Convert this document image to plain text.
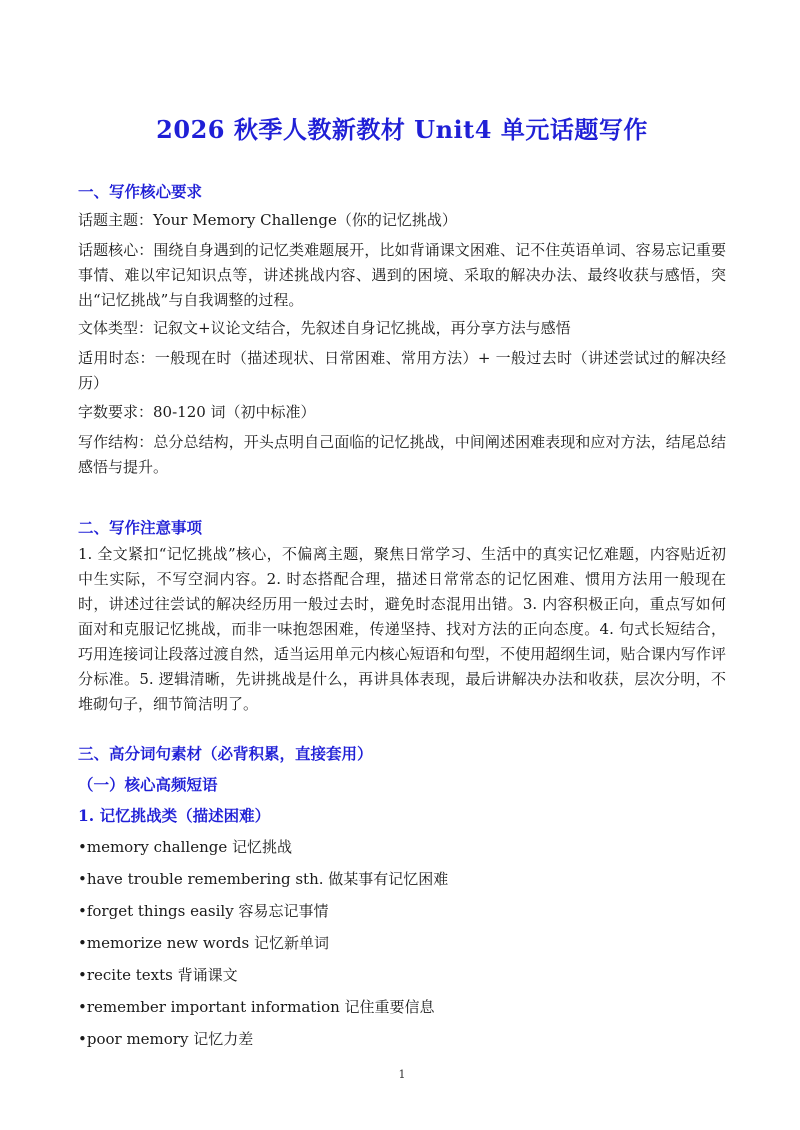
2026 秋季人教新教材 Unit4 单元话题写作
一、写作核心要求
话题主题：Your Memory Challenge（你的记忆挑战）
话题核心：围绕自身遇到的记忆类难题展开，比如背诵课文困难、记不住英语单词、容易忘记重要事情、难以牢记知识点等，讲述挑战内容、遇到的困境、采取的解决办法、最终收获与感悟，突出“记忆挑战”与自我调整的过程。
文体类型：记叙文+议论文结合，先叙述自身记忆挑战，再分享方法与感悟
适用时态：一般现在时（描述现状、日常困难、常用方法）+ 一般过去时（讲述尝试过的解决经历）
字数要求：80-120 词（初中标准）
写作结构：总分总结构，开头点明自己面临的记忆挑战，中间阐述困难表现和应对方法，结尾总结感悟与提升。
二、写作注意事项
1. 全文紧扣“记忆挑战”核心，不偏离主题，聚焦日常学习、生活中的真实记忆难题，内容贴近初中生实际，不写空洞内容。2. 时态搭配合理，描述日常常态的记忆困难、惯用方法用一般现在时，讲述过往尝试的解决经历用一般过去时，避免时态混用出错。3. 内容积极正向，重点写如何面对和克服记忆挑战，而非一味抱怨困难，传递坚持、找对方法的正向态度。4. 句式长短结合，巧用连接词让段落过渡自然，适当运用单元内核心短语和句型，不使用超纲生词，贴合课内写作评分标准。5. 逻辑清晰，先讲挑战是什么，再讲具体表现，最后讲解决办法和收获，层次分明，不堆砌句子，细节简洁明了。
三、高分词句素材（必背积累，直接套用）
（一）核心高频短语
1. 记忆挑战类（描述困难）
•memory challenge 记忆挑战
•have trouble remembering sth. 做某事有记忆困难
•forget things easily 容易忘记事情
•memorize new words 记忆新单词
•recite texts 背诵课文
•remember important information 记住重要信息
•poor memory 记忆力差
1
